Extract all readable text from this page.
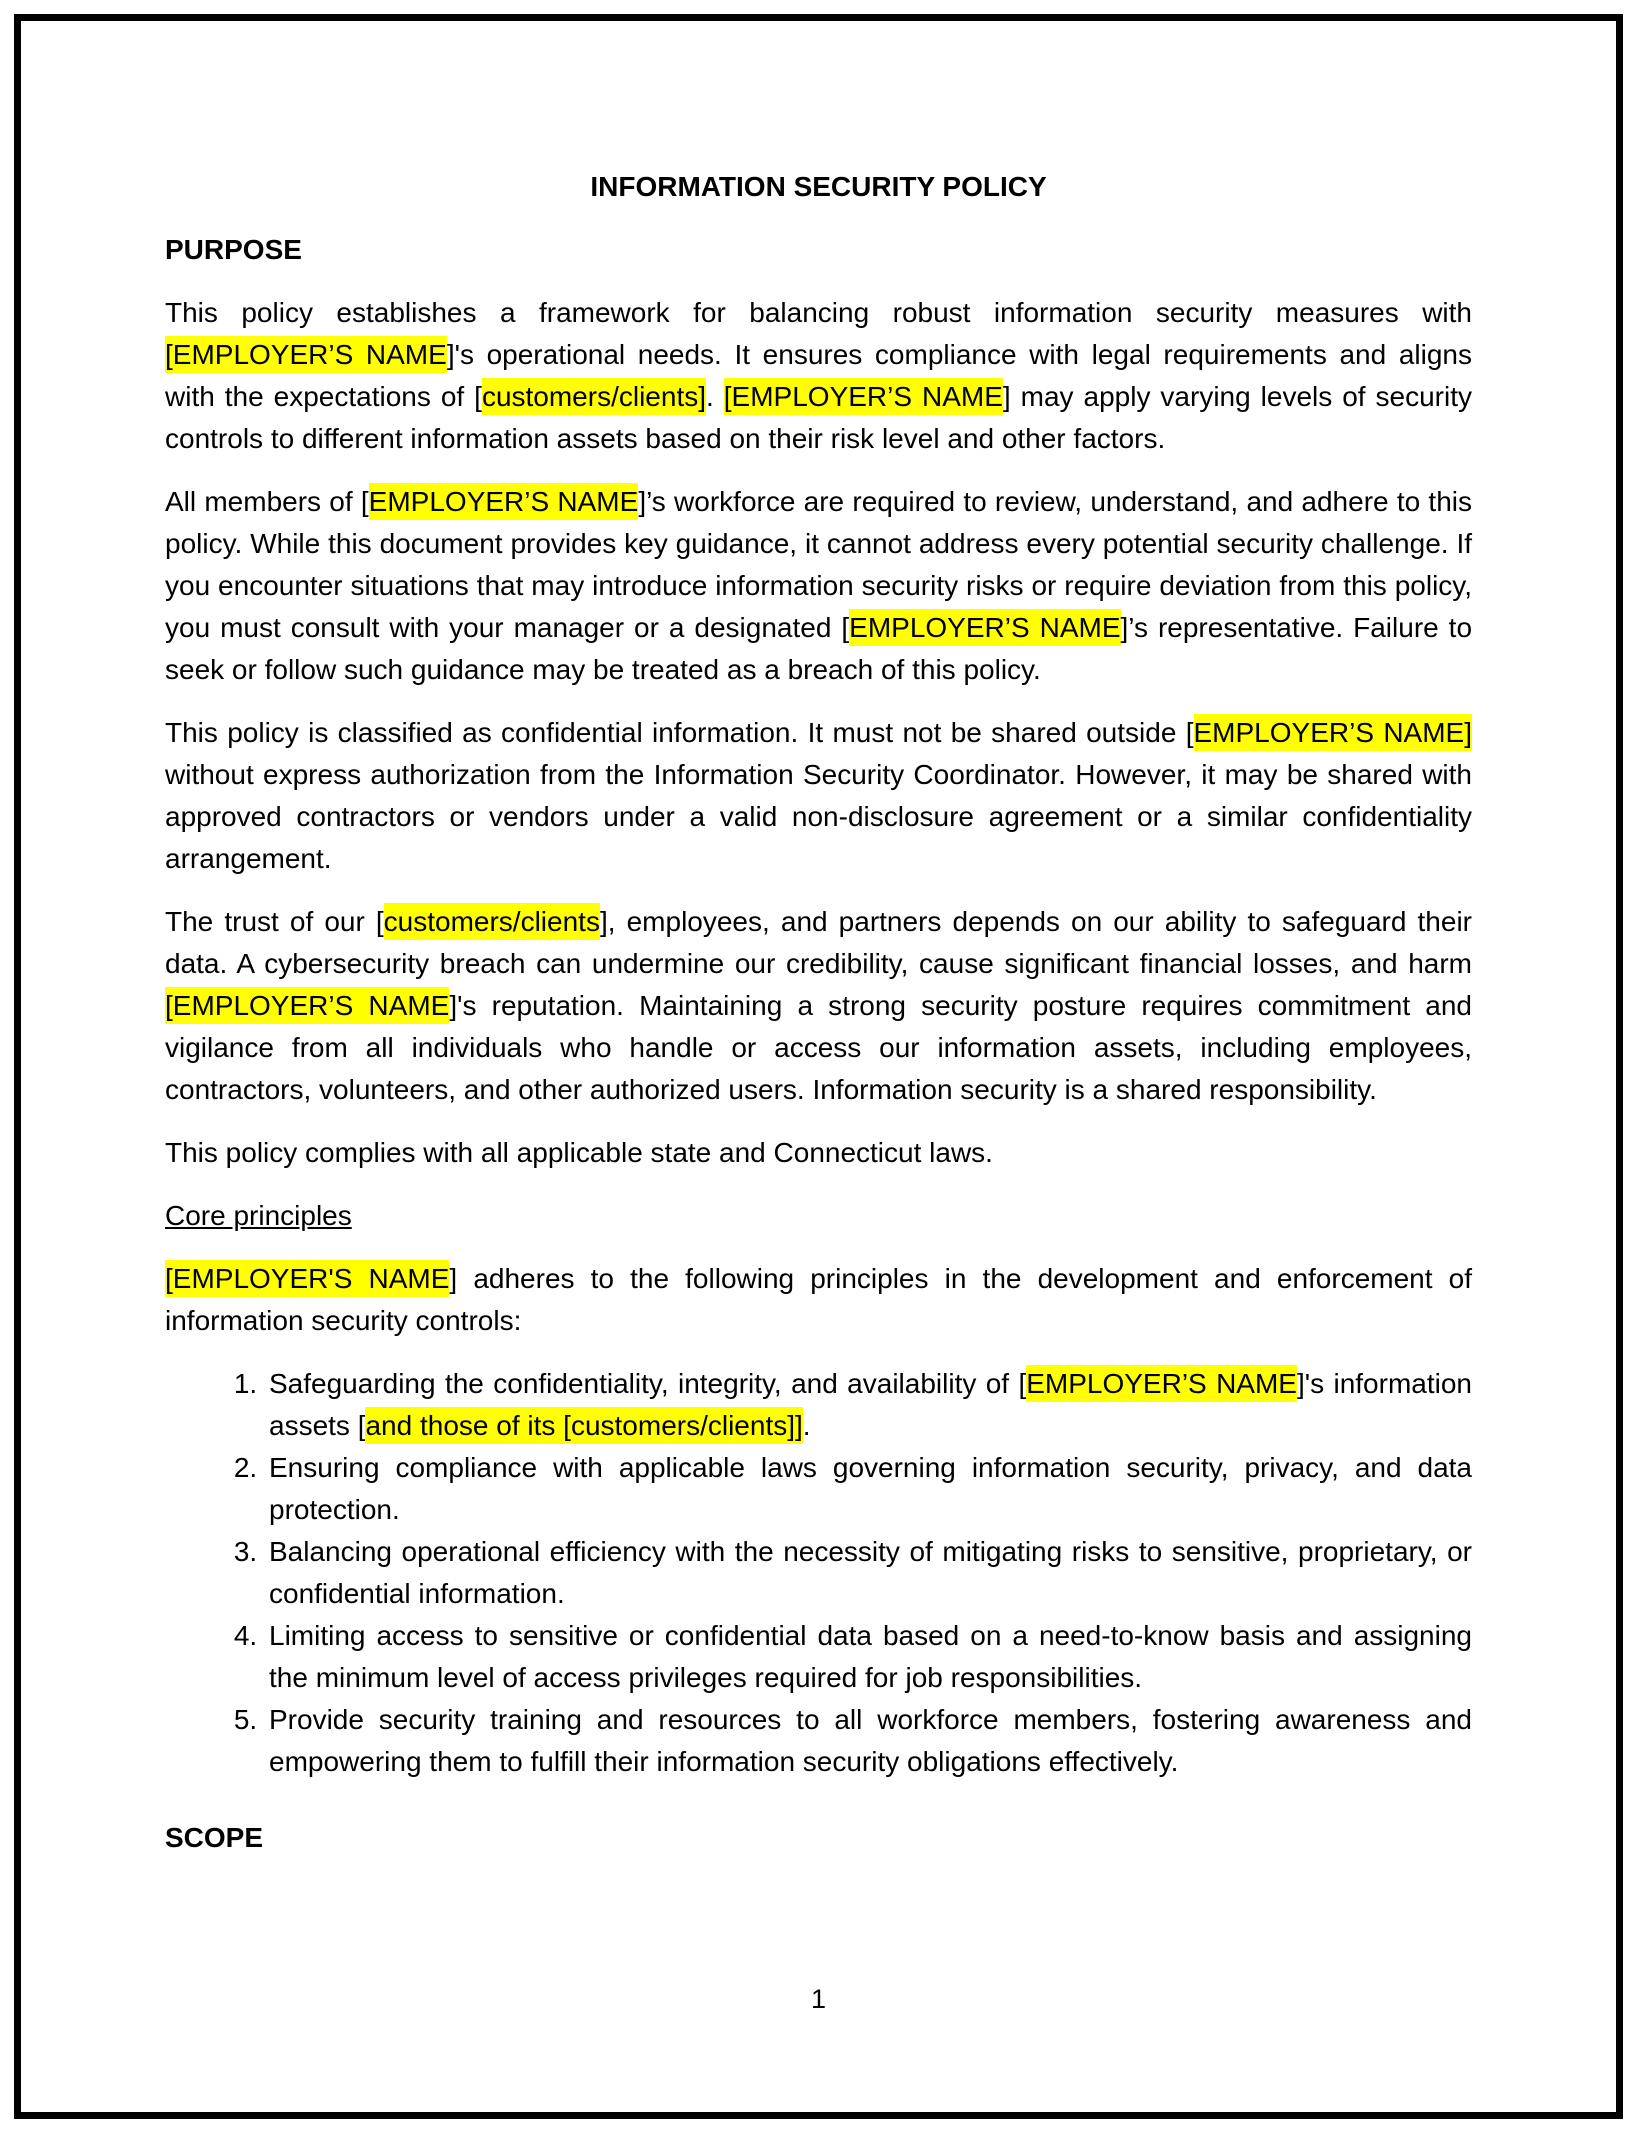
INFORMATION SECURITY POLICY

PURPOSE

This policy establishes a framework for balancing robust information security measures with [EMPLOYER’S NAME]'s operational needs. It ensures compliance with legal requirements and aligns with the expectations of [customers/clients]. [EMPLOYER’S NAME] may apply varying levels of security controls to different information assets based on their risk level and other factors.

All members of [EMPLOYER’S NAME]’s workforce are required to review, understand, and adhere to this policy. While this document provides key guidance, it cannot address every potential security challenge. If you encounter situations that may introduce information security risks or require deviation from this policy, you must consult with your manager or a designated [EMPLOYER’S NAME]’s representative. Failure to seek or follow such guidance may be treated as a breach of this policy.

This policy is classified as confidential information. It must not be shared outside [EMPLOYER’S NAME] without express authorization from the Information Security Coordinator. However, it may be shared with approved contractors or vendors under a valid non-disclosure agreement or a similar confidentiality arrangement.

The trust of our [customers/clients], employees, and partners depends on our ability to safeguard their data. A cybersecurity breach can undermine our credibility, cause significant financial losses, and harm [EMPLOYER’S NAME]'s reputation. Maintaining a strong security posture requires commitment and vigilance from all individuals who handle or access our information assets, including employees, contractors, volunteers, and other authorized users. Information security is a shared responsibility.

This policy complies with all applicable state and Connecticut laws.

Core principles

[EMPLOYER'S NAME] adheres to the following principles in the development and enforcement of information security controls:

1. Safeguarding the confidentiality, integrity, and availability of [EMPLOYER’S NAME]'s information assets [and those of its [customers/clients]].
2. Ensuring compliance with applicable laws governing information security, privacy, and data protection.
3. Balancing operational efficiency with the necessity of mitigating risks to sensitive, proprietary, or confidential information.
4. Limiting access to sensitive or confidential data based on a need-to-know basis and assigning the minimum level of access privileges required for job responsibilities.
5. Provide security training and resources to all workforce members, fostering awareness and empowering them to fulfill their information security obligations effectively.

SCOPE

1
